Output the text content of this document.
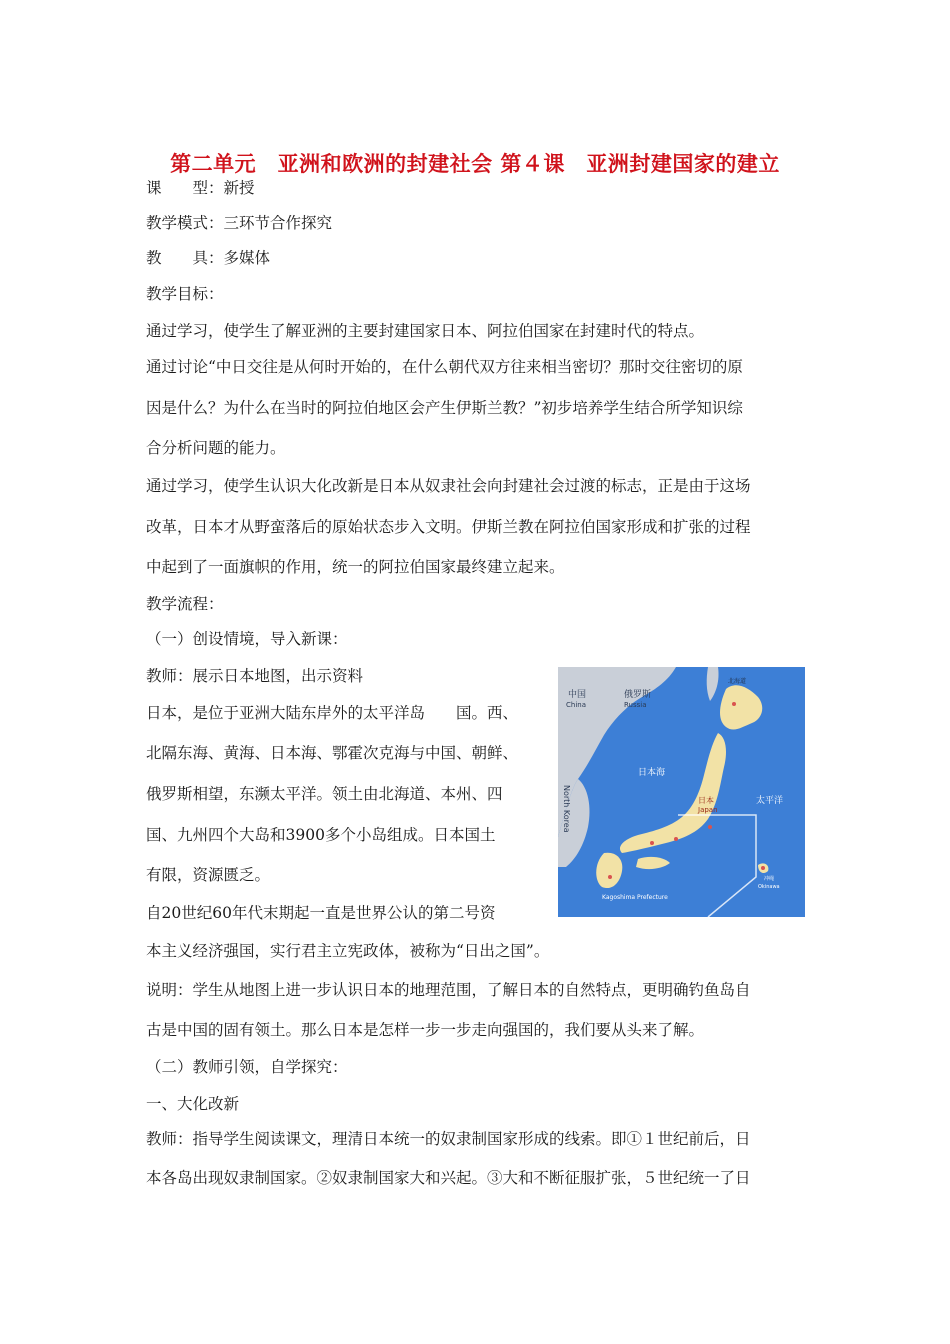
第二单元　亚洲和欧洲的封建社会 第４课　亚洲封建国家的建立
课　　型：新授
教学模式：三环节合作探究
教　　具：多媒体
教学目标：
通过学习，使学生了解亚洲的主要封建国家日本、阿拉伯国家在封建时代的特点。
通过讨论“中日交往是从何时开始的，在什么朝代双方往来相当密切？那时交往密切的原
因是什么？为什么在当时的阿拉伯地区会产生伊斯兰教？”初步培养学生结合所学知识综
合分析问题的能力。
通过学习，使学生认识大化改新是日本从奴隶社会向封建社会过渡的标志，正是由于这场
改革，日本才从野蛮落后的原始状态步入文明。伊斯兰教在阿拉伯国家形成和扩张的过程
中起到了一面旗帜的作用，统一的阿拉伯国家最终建立起来。
教学流程：
（一）创设情境，导入新课：
教师：展示日本地图，出示资料
日本，是位于亚洲大陆东岸外的太平洋岛　　国。西、
北隔东海、黄海、日本海、鄂霍次克海与中国、朝鲜、
俄罗斯相望，东濒太平洋。领土由北海道、本州、四
国、九州四个大岛和3900多个小岛组成。日本国土
有限，资源匮乏。
自20世纪60年代末期起一直是世界公认的第二号资
本主义经济强国，实行君主立宪政体，被称为“日出之国”。
说明：学生从地图上进一步认识日本的地理范围，了解日本的自然特点，更明确钓鱼岛自
古是中国的固有领土。那么日本是怎样一步一步走向强国的，我们要从头来了解。
（二）教师引领，自学探究：
一、大化改新
教师：指导学生阅读课文，理清日本统一的奴隶制国家形成的线索。即①１世纪前后，日
本各岛出现奴隶制国家。②奴隶制国家大和兴起。③大和不断征服扩张，５世纪统一了日
中国
China
俄罗斯
Russia
北海道
日本海
日本
Japan
太平洋
North Korea
冲绳
Okinawa
Kagoshima Prefecture
